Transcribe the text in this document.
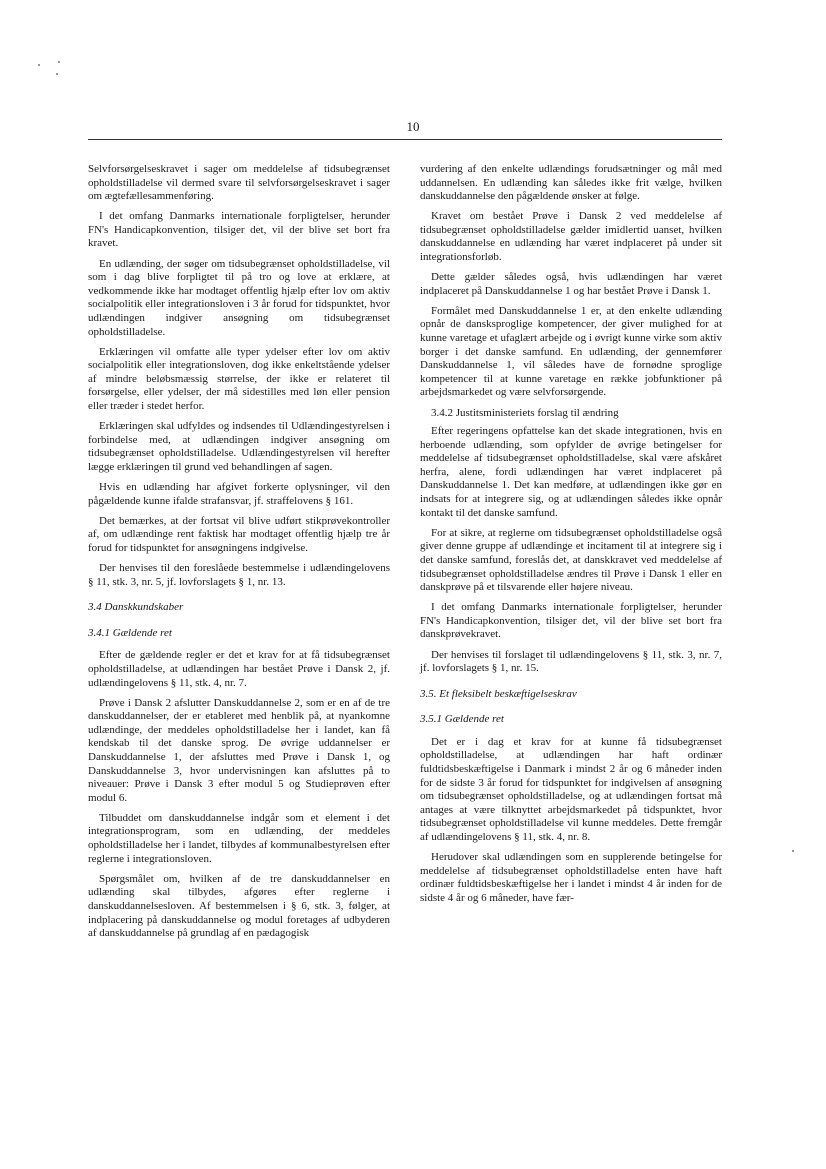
10

Selvforsørgelseskravet i sager om meddelelse af tidsubegrænset opholdstilladelse vil dermed svare til selvforsørgelseskravet i sager om ægtefællesammenføring.

I det omfang Danmarks internationale forpligtelser, herunder FN's Handicapkonvention, tilsiger det, vil der blive set bort fra kravet.

En udlænding, der søger om tidsubegrænset opholdstilladelse, vil som i dag blive forpligtet til på tro og love at erklære, at vedkommende ikke har modtaget offentlig hjælp efter lov om aktiv socialpolitik eller integrationsloven i 3 år forud for tidspunktet, hvor udlændingen indgiver ansøgning om tidsubegrænset opholdstilladelse.

Erklæringen vil omfatte alle typer ydelser efter lov om aktiv socialpolitik eller integrationsloven, dog ikke enkeltstående ydelser af mindre beløbsmæssig størrelse, der ikke er relateret til forsørgelse, eller ydelser, der må sidestilles med løn eller pension eller træder i stedet herfor.

Erklæringen skal udfyldes og indsendes til Udlændingestyrelsen i forbindelse med, at udlændingen indgiver ansøgning om tidsubegrænset opholdstilladelse. Udlændingestyrelsen vil herefter lægge erklæringen til grund ved behandlingen af sagen.

Hvis en udlænding har afgivet forkerte oplysninger, vil den pågældende kunne ifalde strafansvar, jf. straffelovens § 161.

Det bemærkes, at der fortsat vil blive udført stikprøvekontroller af, om udlændinge rent faktisk har modtaget offentlig hjælp tre år forud for tidspunktet for ansøgningens indgivelse.

Der henvises til den foreslåede bestemmelse i udlændingelovens § 11, stk. 3, nr. 5, jf. lovforslagets § 1, nr. 13.

3.4 Danskkundskaber
3.4.1 Gældende ret

Efter de gældende regler er det et krav for at få tidsubegrænset opholdstilladelse, at udlændingen har bestået Prøve i Dansk 2, jf. udlændingelovens § 11, stk. 4, nr. 7.

Prøve i Dansk 2 afslutter Danskuddannelse 2, som er en af de tre danskuddannelser, der er etableret med henblik på, at nyankomne udlændinge, der meddeles opholdstilladelse her i landet, kan få kendskab til det danske sprog. De øvrige uddannelser er Danskuddannelse 1, der afsluttes med Prøve i Dansk 1, og Danskuddannelse 3, hvor undervisningen kan afsluttes på to niveauer: Prøve i Dansk 3 efter modul 5 og Studieprøven efter modul 6.

Tilbuddet om danskuddannelse indgår som et element i det integrationsprogram, som en udlænding, der meddeles opholdstilladelse her i landet, tilbydes af kommunalbestyrelsen efter reglerne i integrationsloven.

Spørgsmålet om, hvilken af de tre danskuddannelser en udlænding skal tilbydes, afgøres efter reglerne i danskuddannelsesloven. Af bestemmelsen i § 6, stk. 3, følger, at indplacering på danskuddannelse og modul foretages af udbyderen af danskuddannelse på grundlag af en pædagogisk

vurdering af den enkelte udlændings forudsætninger og mål med uddannelsen. En udlænding kan således ikke frit vælge, hvilken danskuddannelse den pågældende ønsker at følge.

Kravet om bestået Prøve i Dansk 2 ved meddelelse af tidsubegrænset opholdstilladelse gælder imidlertid uanset, hvilken danskuddannelse en udlænding har været indplaceret på under sit integrationsforløb.

Dette gælder således også, hvis udlændingen har været indplaceret på Danskuddannelse 1 og har bestået Prøve i Dansk 1.

Formålet med Danskuddannelse 1 er, at den enkelte udlænding opnår de dansksproglige kompetencer, der giver mulighed for at kunne varetage et ufaglært arbejde og i øvrigt kunne virke som aktiv borger i det danske samfund. En udlænding, der gennemfører Danskuddannelse 1, vil således have de fornødne sproglige kompetencer til at kunne varetage en række jobfunktioner på arbejdsmarkedet og være selvforsørgende.

3.4.2 Justitsministeriets forslag til ændring

Efter regeringens opfattelse kan det skade integrationen, hvis en herboende udlænding, som opfylder de øvrige betingelser for meddelelse af tidsubegrænset opholdstilladelse, skal være afskåret herfra, alene, fordi udlændingen har været indplaceret på Danskuddannelse 1. Det kan medføre, at udlændingen ikke gør en indsats for at integrere sig, og at udlændingen således ikke opnår kontakt til det danske samfund.

For at sikre, at reglerne om tidsubegrænset opholdstilladelse også giver denne gruppe af udlændinge et incitament til at integrere sig i det danske samfund, foreslås det, at danskkravet ved meddelelse af tidsubegrænset opholdstilladelse ændres til Prøve i Dansk 1 eller en danskprøve på et tilsvarende eller højere niveau.

I det omfang Danmarks internationale forpligtelser, herunder FN's Handicapkonvention, tilsiger det, vil der blive set bort fra danskprøvekravet.

Der henvises til forslaget til udlændingelovens § 11, stk. 3, nr. 7, jf. lovforslagets § 1, nr. 15.

3.5. Et fleksibelt beskæftigelseskrav
3.5.1 Gældende ret

Det er i dag et krav for at kunne få tidsubegrænset opholdstilladelse, at udlændingen har haft ordinær fuldtidsbeskæftigelse i Danmark i mindst 2 år og 6 måneder inden for de sidste 3 år forud for tidspunktet for indgivelsen af ansøgning om tidsubegrænset opholdstilladelse, og at udlændingen fortsat må antages at være tilknyttet arbejdsmarkedet på tidspunktet, hvor tidsubegrænset opholdstilladelse vil kunne meddeles. Dette fremgår af udlændingelovens § 11, stk. 4, nr. 8.

Herudover skal udlændingen som en supplerende betingelse for meddelelse af tidsubegrænset opholdstilladelse enten have haft ordinær fuldtidsbeskæftigelse her i landet i mindst 4 år inden for de sidste 4 år og 6 måneder, have fær-
